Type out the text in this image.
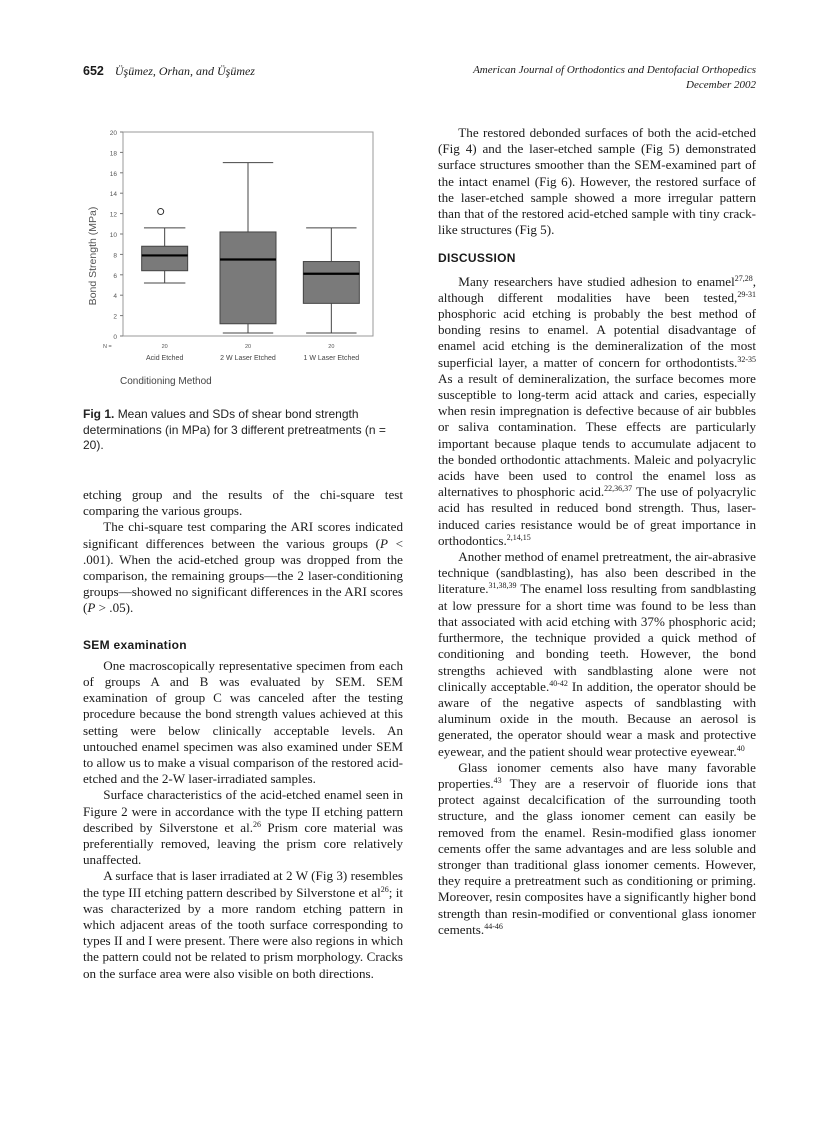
652 Üşümez, Orhan, and Üşümez	American Journal of Orthodontics and Dentofacial Orthopedics
December 2002
0
2
4
6
8
10
12
14
16
18
20
N =	20
Acid Etched
20
2 W Laser Etched
20
1 W Laser Etched
Bond Strength (MPa)
Conditioning Method
Fig 1. Mean values and SDs of shear bond strength determinations (in MPa) for 3 different pretreatments (n = 20).

etching group and the results of the chi-square test comparing the various groups.

The chi-square test comparing the ARI scores indicated significant differences between the various groups (P < .001). When the acid-etched group was dropped from the comparison, the remaining groups—the 2 laser-conditioning groups—showed no significant differences in the ARI scores (P > .05).

SEM examination

One macroscopically representative specimen from each of groups A and B was evaluated by SEM. SEM examination of group C was canceled after the testing procedure because the bond strength values achieved at this setting were below clinically acceptable levels. An untouched enamel specimen was also examined under SEM to allow us to make a visual comparison of the restored acid-etched and the 2-W laser-irradiated samples.

Surface characteristics of the acid-etched enamel seen in Figure 2 were in accordance with the type II etching pattern described by Silverstone et al.$^{26}$ Prism core material was preferentially removed, leaving the prism core relatively unaffected.

A surface that is laser irradiated at 2 W (Fig 3) resembles the type III etching pattern described by Silverstone et $al^{26}$; it was characterized by a more random etching pattern in which adjacent areas of the tooth surface corresponding to types II and I were present. There were also regions in which the pattern could not be related to prism morphology. Cracks on the surface area were also visible on both directions.

The restored debonded surfaces of both the acid-etched (Fig 4) and the laser-etched sample (Fig 5) demonstrated surface structures smoother than the SEM-examined part of the intact enamel (Fig 6). However, the restored surface of the laser-etched sample showed a more irregular pattern than that of the restored acid-etched sample with tiny crack-like structures (Fig 5).

DISCUSSION

Many researchers have studied adhesion to enamel$^{27,28}$, although different modalities have been tested,$^{29-31}$ phosphoric acid etching is probably the best method of bonding resins to enamel. A potential disadvantage of enamel acid etching is the demineralization of the most superficial layer, a matter of concern for orthodontists.$^{32-35}$ As a result of demineralization, the surface becomes more susceptible to long-term acid attack and caries, especially when resin impregnation is defective because of air bubbles or saliva contamination. These effects are particularly important because plaque tends to accumulate adjacent to the bonded orthodontic attachments. Maleic and polyacrylic acids have been used to control the enamel loss as alternatives to phosphoric acid.$^{22,36,37}$ The use of polyacrylic acid has resulted in reduced bond strength. Thus, laser-induced caries resistance would be of great importance in orthodontics.$^{2,14,15}$

Another method of enamel pretreatment, the air-abrasive technique (sandblasting), has also been described in the literature.$^{31,38,39}$ The enamel loss resulting from sandblasting at low pressure for a short time was found to be less than that associated with acid etching with 37% phosphoric acid; furthermore, the technique provided a quick method of conditioning and bonding teeth. However, the bond strengths achieved with sandblasting alone were not clinically acceptable.$^{40-42}$ In addition, the operator should be aware of the negative aspects of sandblasting with aluminum oxide in the mouth. Because an aerosol is generated, the operator should wear a mask and protective eyewear, and the patient should wear protective eyewear.$^{40}$

Glass ionomer cements also have many favorable properties.$^{43}$ They are a reservoir of fluoride ions that protect against decalcification of the surrounding tooth structure, and the glass ionomer cement can easily be removed from the enamel. Resin-modified glass ionomer cements offer the same advantages and are less soluble and stronger than traditional glass ionomer cements. However, they require a pretreatment such as conditioning or priming. Moreover, resin composites have a significantly higher bond strength than resin-modified or conventional glass ionomer cements.$^{44-46}$
